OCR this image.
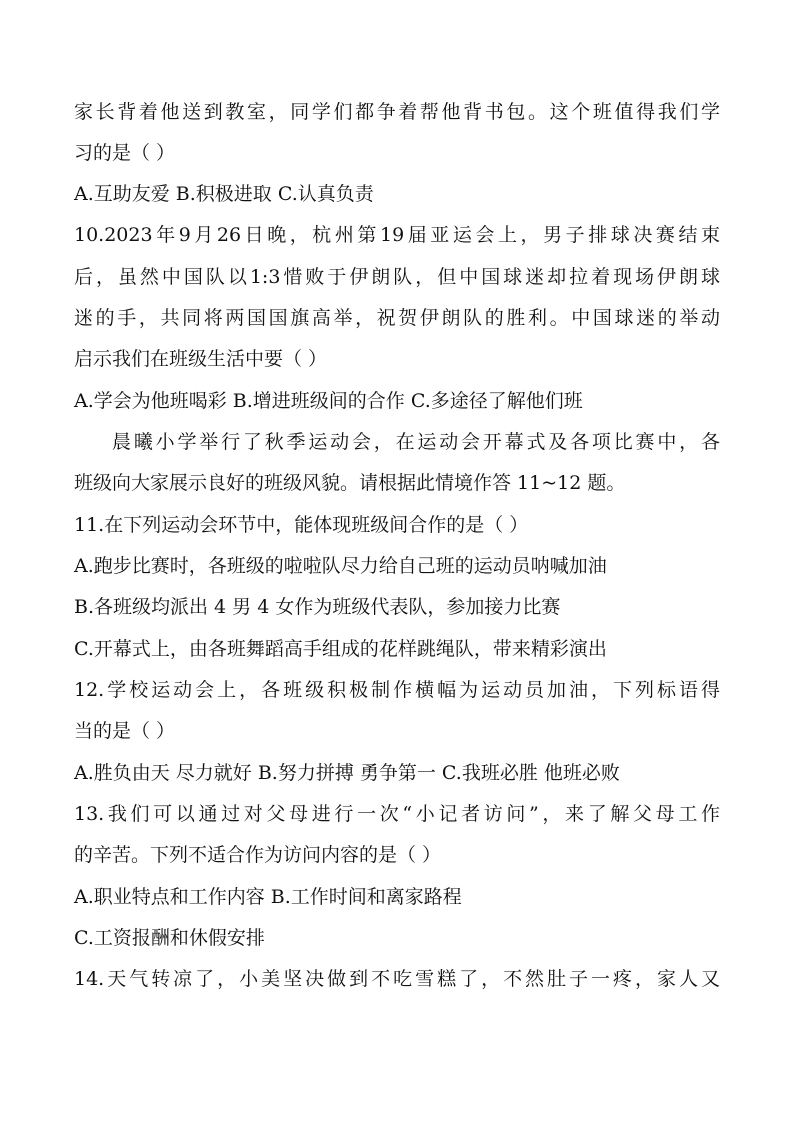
家长背着他送到教室，同学们都争着帮他背书包。这个班值得我们学
习的是（ ）
A.互助友爱 B.积极进取 C.认真负责
10.2023年9月26日晚，杭州第19届亚运会上，男子排球决赛结束
后，虽然中国队以1:3惜败于伊朗队，但中国球迷却拉着现场伊朗球
迷的手，共同将两国国旗高举，祝贺伊朗队的胜利。中国球迷的举动
启示我们在班级生活中要（ ）
A.学会为他班喝彩 B.增进班级间的合作 C.多途径了解他们班
晨曦小学举行了秋季运动会，在运动会开幕式及各项比赛中，各
班级向大家展示良好的班级风貌。请根据此情境作答 11~12 题。
11.在下列运动会环节中，能体现班级间合作的是（ ）
A.跑步比赛时，各班级的啦啦队尽力给自己班的运动员呐喊加油
B.各班级均派出 4 男 4 女作为班级代表队，参加接力比赛
C.开幕式上，由各班舞蹈高手组成的花样跳绳队，带来精彩演出
12.学校运动会上，各班级积极制作横幅为运动员加油，下列标语得
当的是（ ）
A.胜负由天 尽力就好 B.努力拼搏 勇争第一 C.我班必胜 他班必败
13.我们可以通过对父母进行一次“小记者访问”，来了解父母工作
的辛苦。下列不适合作为访问内容的是（ ）
A.职业特点和工作内容 B.工作时间和离家路程
C.工资报酬和休假安排
14.天气转凉了，小美坚决做到不吃雪糕了，不然肚子一疼，家人又
